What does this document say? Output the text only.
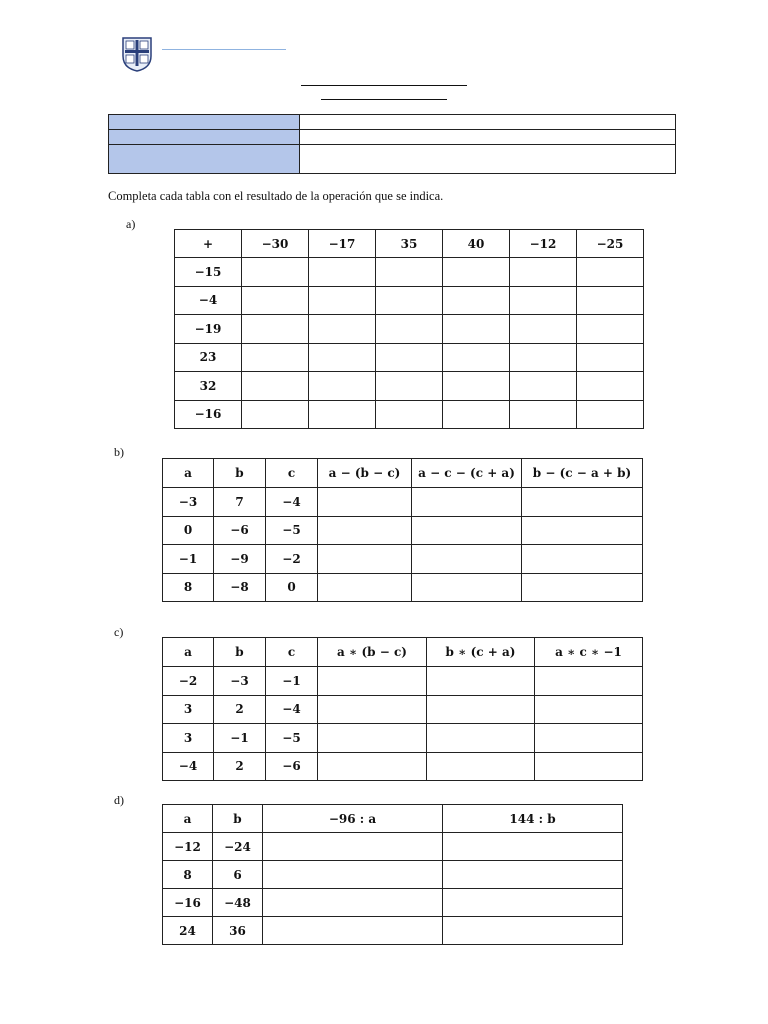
Completa cada tabla con el resultado de la operación que se indica.
a)
b)
c)
d)
+	−30	−17	35	40	−12	−25
−15						
−4						
−19						
23						
32						
−16						
a	b	c	a − (b − c)	a − c − (c + a)	b − (c − a + b)
−3	7	−4			
0	−6	−5			
−1	−9	−2			
8	−8	0			
a	b	c	a ∗ (b − c)	b ∗ (c + a)	a ∗ c ∗ −1
−2	−3	−1			
3	2	−4			
3	−1	−5			
−4	2	−6			
a	b	−96 : a	144 : b
−12	−24		
8	6		
−16	−48		
24	36		
